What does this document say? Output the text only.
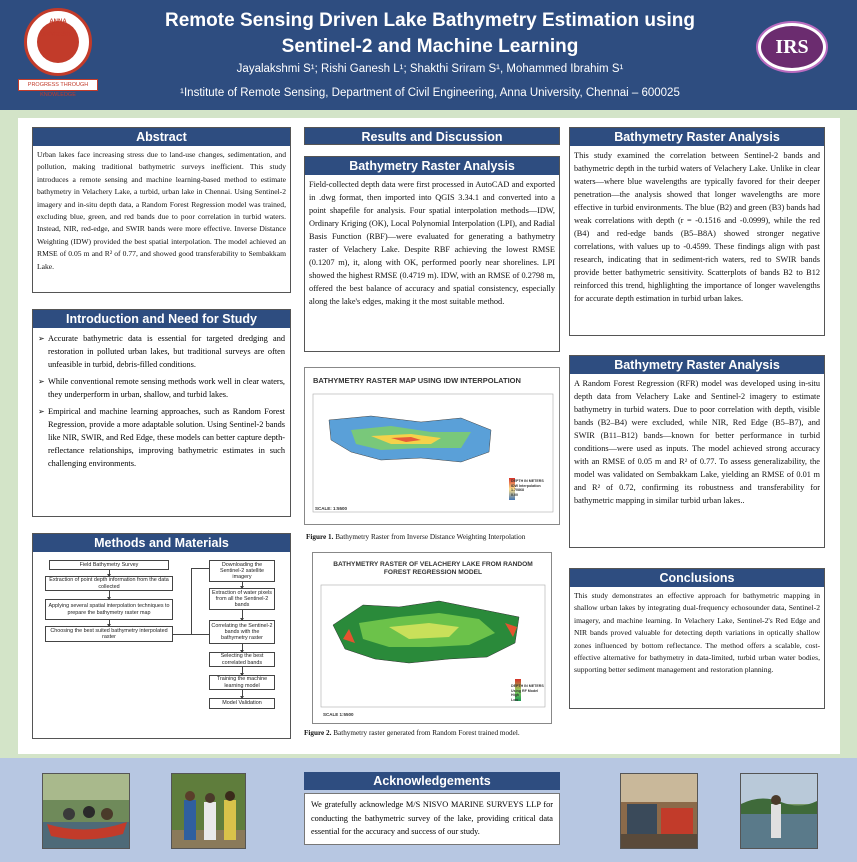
ANNA UNIVERSITY
PROGRESS THROUGH KNOWLEDGE
Remote Sensing Driven Lake Bathymetry Estimation using
Sentinel-2 and Machine Learning
Jayalakshmi S¹; Rishi Ganesh L¹; Shakthi Sriram S¹, Mohammed Ibrahim S¹
¹Institute of Remote Sensing, Department of Civil Engineering, Anna University, Chennai – 600025
IRS
Abstract
Urban lakes face increasing stress due to land-use changes, sedimentation, and pollution, making traditional bathymetric surveys inefficient. This study introduces a remote sensing and machine learning-based method to estimate bathymetry in Velachery Lake, a turbid, urban lake in Chennai. Using Sentinel-2 imagery and in-situ depth data, a Random Forest Regression model was trained, excluding blue, green, and red bands due to poor correlation in turbid waters. Instead, NIR, red-edge, and SWIR bands were more effective. Inverse Distance Weighting (IDW) provided the best spatial interpolation. The model achieved an RMSE of 0.05 m and R² of 0.77, and showed good transferability to Sembakkam Lake.
Introduction and Need for Study
➢ Accurate bathymetric data is essential for targeted dredging and restoration in polluted urban lakes, but traditional surveys are often unfeasible in turbid, debris-filled conditions.
➢ While conventional remote sensing methods work well in clear waters, they underperform in urban, shallow, and turbid lakes.
➢ Empirical and machine learning approaches, such as Random Forest Regression, provide a more adaptable solution. Using Sentinel-2 bands like NIR, SWIR, and Red Edge, these models can better capture depth-reflectance relationships, improving bathymetric estimates in such challenging environments.
Methods and Materials
Field Bathymetry Survey
Extraction of point depth information from the data collected
Applying several spatial interpolation techniques to prepare the bathymetry raster map
Choosing the best suited bathymetry interpolated raster
Downloading the Sentinel-2 satellite imagery
Extraction of water pixels from all the Sentinel-2 bands
Correlating the Sentinel-2 bands with the bathymetry raster
Selecting the best correlated bands
Training the machine learning model
Model Validation
Results and Discussion
Bathymetry Raster Analysis
Field-collected depth data were first processed in AutoCAD and exported in .dwg format, then imported into QGIS 3.34.1 and converted into a point shapefile for analysis. Four spatial interpolation methods—IDW, Ordinary Kriging (OK), Local Polynomial Interpolation (LPI), and Radial Basis Function (RBF)—were evaluated for generating a bathymetry raster of Velachery Lake. Despite RBF achieving the lowest RMSE (0.1207 m), it, along with OK, performed poorly near shorelines. LPI showed the highest RMSE (0.4719 m). IDW, with an RMSE of 0.2798 m, offered the best balance of accuracy and spatial consistency, especially along the lake's edges, making it the most suitable method.
BATHYMETRY RASTER MAP USING IDW INTERPOLATION
DEPTH IN METERS
IDW Interpolation
1.70868
0.00
SCALE: 1:5500
Figure 1. Bathymetry Raster from Inverse Distance Weighting Interpolation
BATHYMETRY RASTER OF VELACHERY LAKE FROM RANDOM FOREST REGRESSION MODEL
DEPTH IN METERS
Using RF Model
High
Low
SCALE 1:5500
Figure 2. Bathymetry raster generated from Random Forest trained model.
Bathymetry Raster Analysis
This study examined the correlation between Sentinel-2 bands and bathymetric depth in the turbid waters of Velachery Lake. Unlike in clear waters—where blue wavelengths are typically favored for their deeper penetration—the analysis showed that longer wavelengths are more effective in turbid environments. The blue (B2) and green (B3) bands had weak correlations with depth (r = -0.1516 and -0.0999), while the red (B4) and red-edge bands (B5–B8A) showed stronger negative correlations, with values up to -0.4599. These findings align with past research, indicating that in sediment-rich waters, red to SWIR bands provide better bathymetric sensitivity. Scatterplots of bands B2 to B12 reinforced this trend, highlighting the importance of longer wavelengths for accurate depth estimation in turbid urban lakes.
Bathymetry Raster Analysis
A Random Forest Regression (RFR) model was developed using in-situ depth data from Velachery Lake and Sentinel-2 imagery to estimate bathymetry in turbid waters. Due to poor correlation with depth, visible bands (B2–B4) were excluded, while NIR, Red Edge (B5–B7), and SWIR (B11–B12) bands—known for better performance in turbid conditions—were used as inputs. The model achieved strong accuracy with an RMSE of 0.05 m and R² of 0.77. To assess generalizability, the model was validated on Sembakkam Lake, yielding an RMSE of 0.01 m and R² of 0.72, confirming its robustness and transferability for bathymetric mapping in similar turbid urban lakes..
Conclusions
This study demonstrates an effective approach for bathymetric mapping in shallow urban lakes by integrating dual-frequency echosounder data, Sentinel-2 imagery, and machine learning. In Velachery Lake, Sentinel-2's Red Edge and NIR bands proved valuable for detecting depth variations in optically shallow zones influenced by bottom reflectance. The method offers a scalable, cost-effective alternative for bathymetry in data-limited, turbid urban water bodies, supporting better sediment management and restoration planning.
Acknowledgements
We gratefully acknowledge M/S NISVO MARINE SURVEYS LLP for conducting the bathymetric survey of the lake, providing critical data essential for the accuracy and success of our study.
